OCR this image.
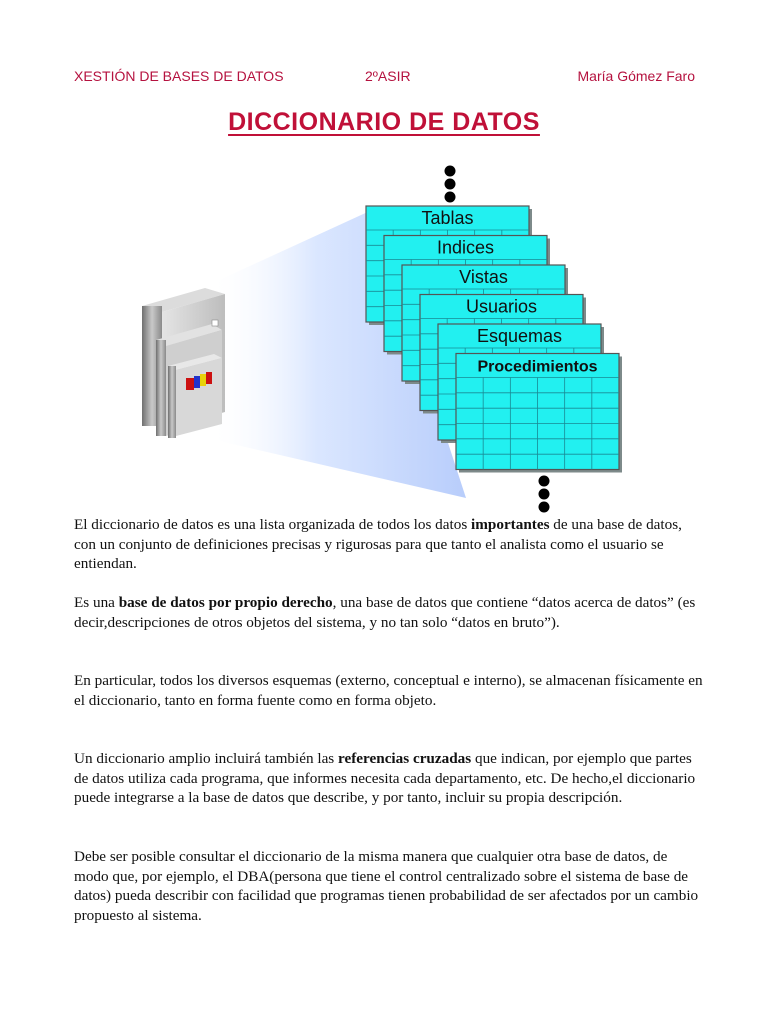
XESTIÓN DE BASES DE DATOS	2ºASIR	María Gómez Faro
DICCIONARIO DE DATOS
Tablas
Indices
Vistas
Usuarios
Esquemas
Procedimientos

El diccionario de datos es una lista organizada de todos los datos importantes de una base de datos, con un conjunto de definiciones precisas y rigurosas para que tanto el analista como el usuario se entiendan.

Es una base de datos por propio derecho, una base de datos que contiene “datos acerca de datos” (es decir,descripciones de otros objetos del sistema, y no tan solo “datos en bruto”).

En particular, todos los diversos esquemas (externo, conceptual e interno), se almacenan físicamente en el diccionario, tanto en forma fuente como en forma objeto.

Un diccionario amplio incluirá también las referencias cruzadas que indican, por ejemplo que partes de datos utiliza cada programa, que informes necesita cada departamento, etc. De hecho,el diccionario puede integrarse a la base de datos que describe, y por tanto, incluir su propia descripción.

Debe ser posible consultar el diccionario de la misma manera que cualquier otra base de datos, de modo que, por ejemplo, el DBA(persona que tiene el control centralizado sobre el sistema de base de datos) pueda describir con facilidad que programas tienen probabilidad de ser afectados por un cambio propuesto al sistema.
